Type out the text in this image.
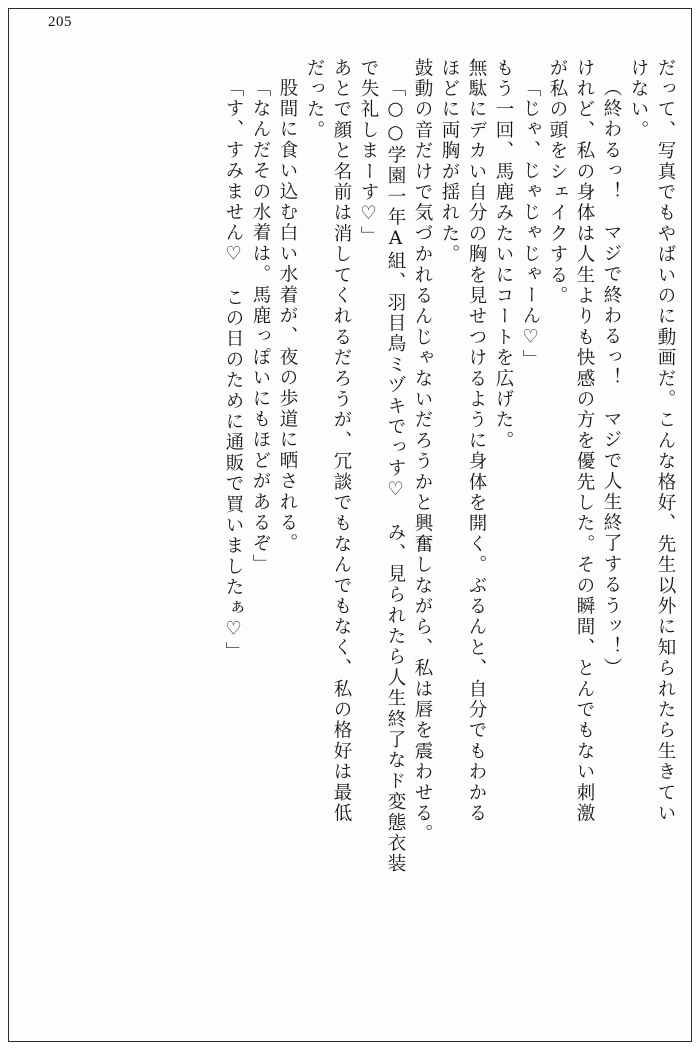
205
だって、写真でもやばいのに動画だ。こんな格好、先生以外に知られたら生きてい
けない。
（終わるっ！　マジで終わるっ！　マジで人生終了するうッ！）
けれど、私の身体は人生よりも快感の方を優先した。その瞬間、とんでもない刺激
が私の頭をシェイクする。
「じゃ、じゃじゃじゃーん♡」
もう一回、馬鹿みたいにコートを広げた。
無駄にデカい自分の胸を見せつけるように身体を開く。ぶるんと、自分でもわかる
ほどに両胸が揺れた。
鼓動の音だけで気づかれるんじゃないだろうかと興奮しながら、私は唇を震わせる。
「○○学園一年A組、羽目鳥ミヅキでっす♡　み、見られたら人生終了なド変態衣装
で失礼しまーす♡」
あとで顔と名前は消してくれるだろうが、冗談でもなんでもなく、私の格好は最低
だった。
股間に食い込む白い水着が、夜の歩道に晒される。
「なんだその水着は。馬鹿っぽいにもほどがあるぞ」
「す、すみません♡　この日のために通販で買いましたぁ♡」
